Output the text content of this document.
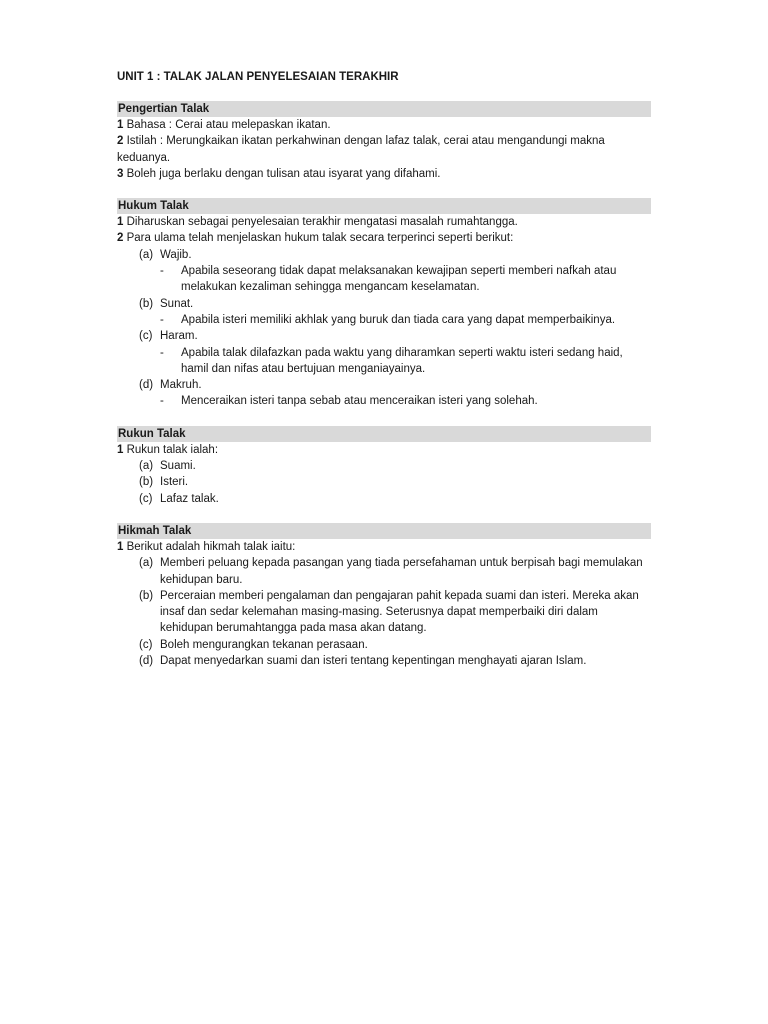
UNIT 1 : TALAK JALAN PENYELESAIAN TERAKHIR
Pengertian Talak
1 Bahasa : Cerai atau melepaskan ikatan.
2 Istilah : Merungkaikan ikatan perkahwinan dengan lafaz talak, cerai atau mengandungi makna keduanya.
3 Boleh juga berlaku dengan tulisan atau isyarat yang difahami.
Hukum Talak
1 Diharuskan sebagai penyelesaian terakhir mengatasi masalah rumahtangga.
2 Para ulama telah menjelaskan hukum talak secara terperinci seperti berikut:
(a) Wajib.
-	Apabila seseorang tidak dapat melaksanakan kewajipan seperti memberi nafkah atau melakukan kezaliman sehingga mengancam keselamatan.
(b) Sunat.
-	Apabila isteri memiliki akhlak yang buruk dan tiada cara yang dapat memperbaikinya.
(c) Haram.
-	Apabila talak dilafazkan pada waktu yang diharamkan seperti waktu isteri sedang haid, hamil dan nifas atau bertujuan menganiayainya.
(d) Makruh.
-	Menceraikan isteri tanpa sebab atau menceraikan isteri yang solehah.
Rukun Talak
1 Rukun talak ialah:
(a) Suami.
(b) Isteri.
(c) Lafaz talak.
Hikmah Talak
1 Berikut adalah hikmah talak iaitu:
(a) Memberi peluang kepada pasangan yang tiada persefahaman untuk berpisah bagi memulakan kehidupan baru.
(b) Perceraian memberi pengalaman dan pengajaran pahit kepada suami dan isteri. Mereka akan insaf dan sedar kelemahan masing-masing. Seterusnya dapat memperbaiki diri dalam kehidupan berumahtangga pada masa akan datang.
(c) Boleh mengurangkan tekanan perasaan.
(d) Dapat menyedarkan suami dan isteri tentang kepentingan menghayati ajaran Islam.
